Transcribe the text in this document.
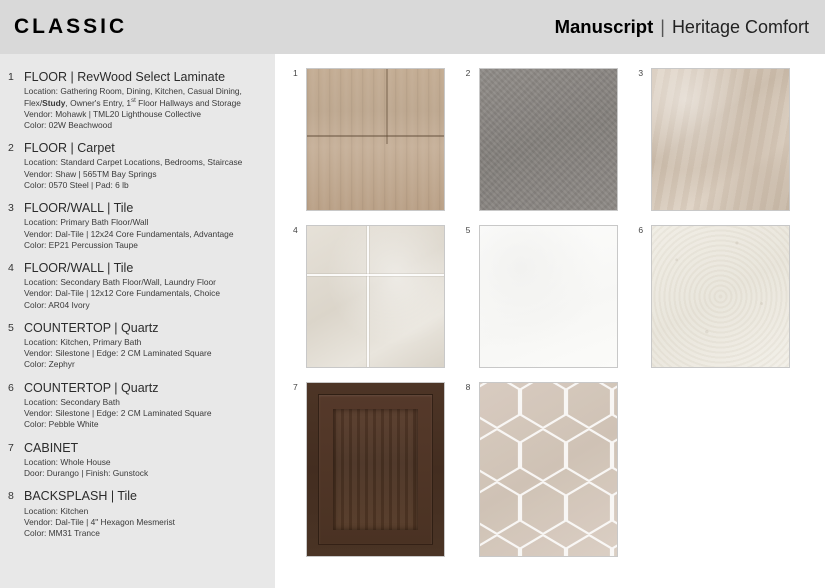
CLASSIC	Manuscript | Heritage Comfort
1 FLOOR | RevWood Select Laminate
Location: Gathering Room, Dining, Kitchen, Casual Dining,
Flex/Study, Owner's Entry, 1st Floor Hallways and Storage
Vendor: Mohawk | TML20 Lighthouse Collective
Color: 02W Beachwood
2 FLOOR | Carpet
Location: Standard Carpet Locations, Bedrooms, Staircase
Vendor: Shaw | 565TM Bay Springs
Color: 0570 Steel | Pad: 6 lb
3 FLOOR/WALL | Tile
Location: Primary Bath Floor/Wall
Vendor: Dal-Tile | 12x24 Core Fundamentals, Advantage
Color: EP21 Percussion Taupe
4 FLOOR/WALL | Tile
Location: Secondary Bath Floor/Wall, Laundry Floor
Vendor: Dal-Tile | 12x12 Core Fundamentals, Choice
Color: AR04 Ivory
5 COUNTERTOP | Quartz
Location: Kitchen, Primary Bath
Vendor: Silestone | Edge: 2 CM Laminated Square
Color: Zephyr
6 COUNTERTOP | Quartz
Location: Secondary Bath
Vendor: Silestone | Edge: 2 CM Laminated Square
Color: Pebble White
7 CABINET
Location: Whole House
Door: Durango | Finish: Gunstock
8 BACKSPLASH | Tile
Location: Kitchen
Vendor: Dal-Tile | 4" Hexagon Mesmerist
Color: MM31 Trance
1	2	3
4	5	6
7	8
